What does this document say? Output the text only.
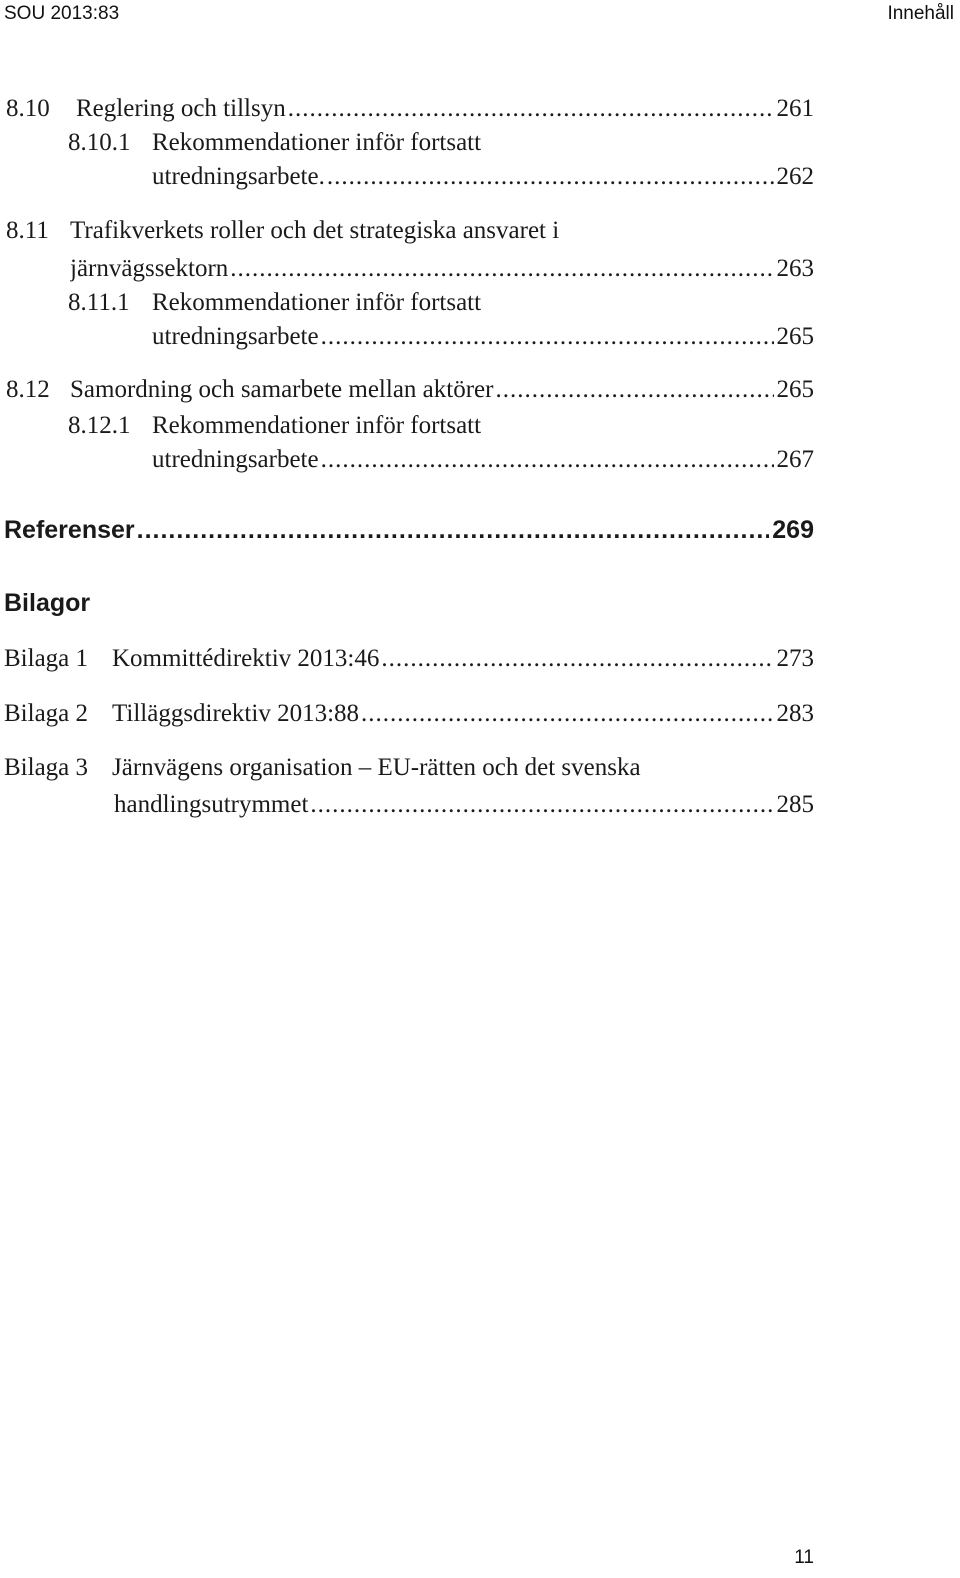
SOU 2013:83	Innehåll
8.10	Reglering och tillsyn .....	261
8.10.1 Rekommendationer inför fortsatt
utredningsarbete. .....	262
8.11 Trafikverkets roller och det strategiska ansvaret i
järnvägssektorn .....	263
8.11.1 Rekommendationer inför fortsatt
utredningsarbete .....	265
8.12 Samordning och samarbete mellan aktörer .....	265
8.12.1 Rekommendationer inför fortsatt
utredningsarbete .....	267
Referenser .....	269
Bilagor
Bilaga 1 Kommittédirektiv 2013:46 .....	273
Bilaga 2 Tilläggsdirektiv 2013:88 .....	283
Bilaga 3 Järnvägens organisation – EU-rätten och det svenska
handlingsutrymmet .....	285
11
